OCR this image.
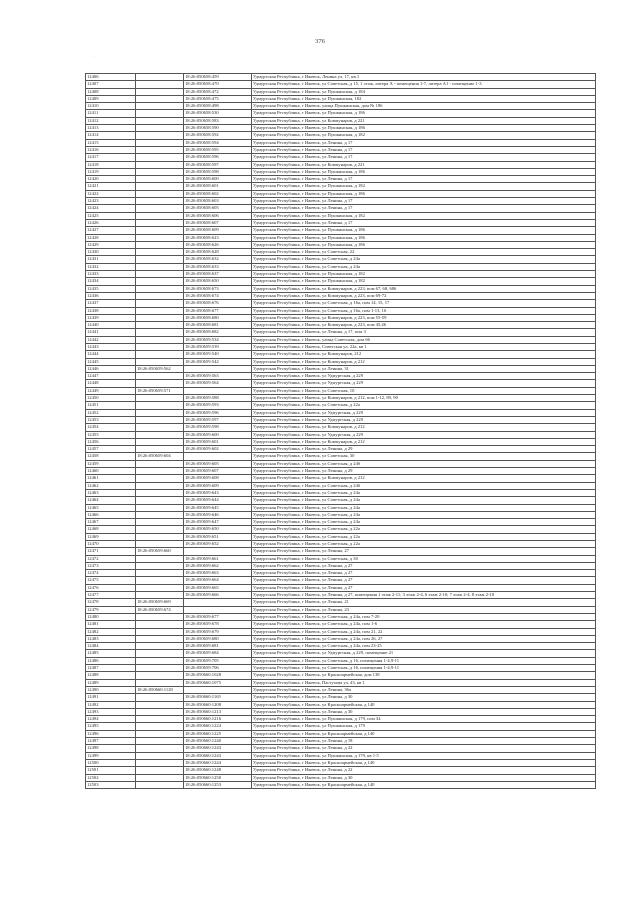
376
· .
12406		18:26:050658:459	Удмуртская Республика, г Ижевск, Ленина ул, 17, кв.1
12407		18:26:050658:470	Удмуртская Республика, г Ижевск, ул Советская, д 15, 1 этаж, литера А - помещения 1-7, литера А1 - помещение 1-3
12408		18:26:050658:472	Удмуртская Республика, г Ижевск, ул Пушкинская, д 184
12409		18:26:050658:475	Удмуртская Республика, г Ижевск, ул Пушкинская, 182
12410		18:26:050658:498	Удмуртская Республика, г Ижевск, улица Пушкинская, дом № 186
12411		18:26:050658:530	Удмуртская Республика, г Ижевск, ул Пушкинская, д 186
12412		18:26:050658:583	Удмуртская Республика, г Ижевск, ул Коммунаров, д 221
12413		18:26:050658:590	Удмуртская Республика, г Ижевск, ул Пушкинская, д 186
12414		18:26:050658:592	Удмуртская Республика, г Ижевск, ул Пушкинская, д 182
12415		18:26:050658:594	Удмуртская Республика, г Ижевск, ул Ленина, д 17
12416		18:26:050658:595	Удмуртская Республика, г Ижевск, ул Ленина, д 17
12417		18:26:050658:596	Удмуртская Республика, г Ижевск, ул Ленина, д 17
12418		18:26:050658:597	Удмуртская Республика, г Ижевск, ул Коммунаров, д 221
12419		18:26:050658:598	Удмуртская Республика, г Ижевск, ул Пушкинская, д 186
12420		18:26:050658:600	Удмуртская Республика, г Ижевск, ул Ленина, д 17
12421		18:26:050658:601	Удмуртская Республика, г Ижевск, ул Пушкинская, д 182
12422		18:26:050658:602	Удмуртская Республика, г Ижевск, ул Пушкинская, д 186
12423		18:26:050658:603	Удмуртская Республика, г Ижевск, ул Ленина, д 17
12424		18:26:050658:605	Удмуртская Республика, г Ижевск, ул Ленина, д 17
12425		18:26:050658:606	Удмуртская Республика, г Ижевск, ул Пушкинская, д 182
12426		18:26:050658:607	Удмуртская Республика, г Ижевск, ул Ленина, д 17
12427		18:26:050658:609	Удмуртская Республика, г Ижевск, ул Пушкинская, д 186
12428		18:26:050658:623	Удмуртская Республика, г Ижевск, ул Пушкинская, д 186
12429		18:26:050658:626	Удмуртская Республика, г Ижевск, ул Пушкинская, д 186
12430		18:26:050658:628	Удмуртская Республика, г Ижевск, ул Советская, 22
12431		18:26:050658:632	Удмуртская Республика, г Ижевск, ул Советская, д 24а
12432		18:26:050658:633	Удмуртская Республика, г Ижевск, ул Советская, д 24а
12433		18:26:050658:637	Удмуртская Республика, г Ижевск, ул Пушкинская, д 182
12434		18:26:050658:650	Удмуртская Республика, г Ижевск, ул Пушкинская, д 182
12435		18:26:050658:673	Удмуртская Республика, г Ижевск, ул Коммунаров, д 223, пом 67, 68, 686
12436		18:26:050658:674	Удмуртская Республика, г Ижевск, ул Коммунаров, д 223, пом 69-72
12437		18:26:050658:676	Удмуртская Республика, г Ижевск, ул Советская, д 16а, пом 14, 15, 17
12438		18:26:050658:677	Удмуртская Республика, г Ижевск, ул Советская, д 16а, пом 1-13, 16
12439		18:26:050658:680	Удмуртская Республика, г Ижевск, ул Коммунаров, д 223, пом 55-59
12440		18:26:050658:681	Удмуртская Республика, г Ижевск, ул Коммунаров, д 223, пом 45,46
12441		18:26:050658:682	Удмуртская Республика, г Ижевск, ул Ленина, д 17, пом 3
12442		18:26:050659:534	Удмуртская Республика, г Ижевск, улица Советская, дом 66
12443		18:26:050659:539	Удмуртская Республика, г Ижевск, Советская ул, 22а, кв 1
12444		18:26:050659:540	Удмуртская Республика, г Ижевск, ул Коммунаров, 212
12445		18:26:050659:542	Удмуртская Республика, г Ижевск, ул Коммунаров, д 212
12446	18:26:050659:562		Удмуртская Республика, г Ижевск, ул Ленина, 31
12447		18:26:050659:563	Удмуртская Республика, г Ижевск, ул Удмуртская, д 229
12448		18:26:050659:564	Удмуртская Республика, г Ижевск, ул Удмуртская, д 229
12449	18:26:050659:571		Удмуртская Республика, г Ижевск, ул Советская, 10
12450		18:26:050659:588	Удмуртская Республика, г Ижевск, ул Коммунаров, д 212, пом 1-12, 89, 90
12451		18:26:050659:593	Удмуртская Республика, г Ижевск, ул Советская, д 22а
12452		18:26:050659:596	Удмуртская Республика, г Ижевск, ул Удмуртская, д 229
12453		18:26:050659:597	Удмуртская Республика, г Ижевск, ул Удмуртская, д 229
12454		18:26:050659:598	Удмуртская Республика, г Ижевск, ул Коммунаров, д 212
12455		18:26:050659:600	Удмуртская Республика, г Ижевск, ул Удмуртская, д 229
12456		18:26:050659:601	Удмуртская Республика, г Ижевск, ул Коммунаров, д 212
12457		18:26:050659:602	Удмуртская Республика, г Ижевск, ул Ленина, д 29
12458	18:26:050659:604		Удмуртская Республика, г Ижевск, ул Советская, 30
12459		18:26:050659:605	Удмуртская Республика, г Ижевск, ул Советская, д 24б
12460		18:26:050659:607	Удмуртская Республика, г Ижевск, ул Ленина, д 29
12461		18:26:050659:608	Удмуртская Республика, г Ижевск, ул Коммунаров, д 212
12462		18:26:050659:609	Удмуртская Республика, г Ижевск, ул Советская, д 24б
12463		18:26:050659:643	Удмуртская Республика, г Ижевск, ул Советская, д 24а
12464		18:26:050659:644	Удмуртская Республика, г Ижевск, ул Советская, д 24а
12465		18:26:050659:645	Удмуртская Республика, г Ижевск, ул Советская, д 24а
12466		18:26:050659:646	Удмуртская Республика, г Ижевск, ул Советская, д 24а
12467		18:26:050659:647	Удмуртская Республика, г Ижевск, ул Советская, д 24а
12468		18:26:050659:650	Удмуртская Республика, г Ижевск, ул Советская, д 22а
12469		18:26:050659:651	Удмуртская Республика, г Ижевск, ул Советская, д 22а
12470		18:26:050659:652	Удмуртская Республика, г Ижевск, ул Советская, д 22а
12471	18:26:050659:660		Удмуртская Республика, г Ижевск, ул Ленина, 27
12472		18:26:050659:661	Удмуртская Республика, г Ижевск, ул Советская, д 30
12473		18:26:050659:662	Удмуртская Республика, г Ижевск, ул Ленина, д 27
12474		18:26:050659:663	Удмуртская Республика, г Ижевск, ул Ленина, д 27
12475		18:26:050659:664	Удмуртская Республика, г Ижевск, ул Ленина, д 27
12476		18:26:050659:665	Удмуртская Республика, г Ижевск, ул Ленина, д 27
12477		18:26:050659:666	Удмуртская Республика, г Ижевск, ул Ленина, д 27, помещения 1 этаж 2-11; 3 этаж 2-4, 6 этаж 2-10; 7 этаж 2-4, 8 этаж 2-10
12478	18:26:050659:669		Удмуртская Республика, г Ижевск, ул Ленина, 21
12479	18:26:050659:674		Удмуртская Республика, г Ижевск, ул Ленина, 23
12480		18:26:050659:677	Удмуртская Республика, г Ижевск, ул Советская, д 24а, пом 7-20
12481		18:26:050659:678	Удмуртская Республика, г Ижевск, ул Советская, д 24а, пом 1-6
12482		18:26:050659:679	Удмуртская Республика, г Ижевск, ул Советская, д 24а, пом 21, 22
12483		18:26:050659:680	Удмуртская Республика, г Ижевск, ул Советская, д 24а, пом 26, 27
12484		18:26:050659:681	Удмуртская Республика, г Ижевск, ул Советская, д 24а, пом 23-25
12485		18:26:050659:684	Удмуртская Республика, г Ижевск, ул Удмуртская, д 229, помещение 21
12486		18:26:050659:705	Удмуртская Республика, г Ижевск, ул Советская, д 16, помещения 1-4,9-11
12487		18:26:050659:706	Удмуртская Республика, г Ижевск, ул Советская, д 16, помещения 1-4,9-11
12488		18:26:050660:1028	Удмуртская Республика, г Ижевск, ул Красноармейская, дом 138
12489		18:26:050660:1075	Удмуртская Республика, г Ижевск, Пастухова ул, 43, кв 1
12490	18:26:050660:1120		Удмуртская Республика, г Ижевск, ул Ленина, 36а
12491		18:26:050660:1165	Удмуртская Республика, г Ижевск, ул Ленина, д 30
12492		18:26:050660:1208	Удмуртская Республика, г Ижевск, ул Красноармейская, д 140
12493		18:26:050660:1213	Удмуртская Республика, г Ижевск, ул Ленина, д 30
12494		18:26:050660:1216	Удмуртская Республика, г Ижевск, ул Пушкинская, д 179, пом 34
12495		18:26:050660:1224	Удмуртская Республика, г Ижевск, ул Пушкинская, д 179
12496		18:26:050660:1225	Удмуртская Республика, г Ижевск, ул Красноармейская, д 140
12497		18:26:050660:1240	Удмуртская Республика, г Ижевск, ул Ленина, д 18
12498		18:26:050660:1243	Удмуртская Республика, г Ижевск, ул Ленина, д 22
12499		18:26:050660:1243	Удмуртская Республика, г Ижевск, ул Пушкинская, д 179, кв 1-5
12500		18:26:050660:1244	Удмуртская Республика, г Ижевск, ул Красноармейская, д 140
12501		18:26:050660:1248	Удмуртская Республика, г Ижевск, ул Ленина, д 22
12502		18:26:050660:1250	Удмуртская Республика, г Ижевск, ул Ленина, д 30
12503		18:26:050660:1253	Удмуртская Республика, г Ижевск, ул Красноармейская, д 140
